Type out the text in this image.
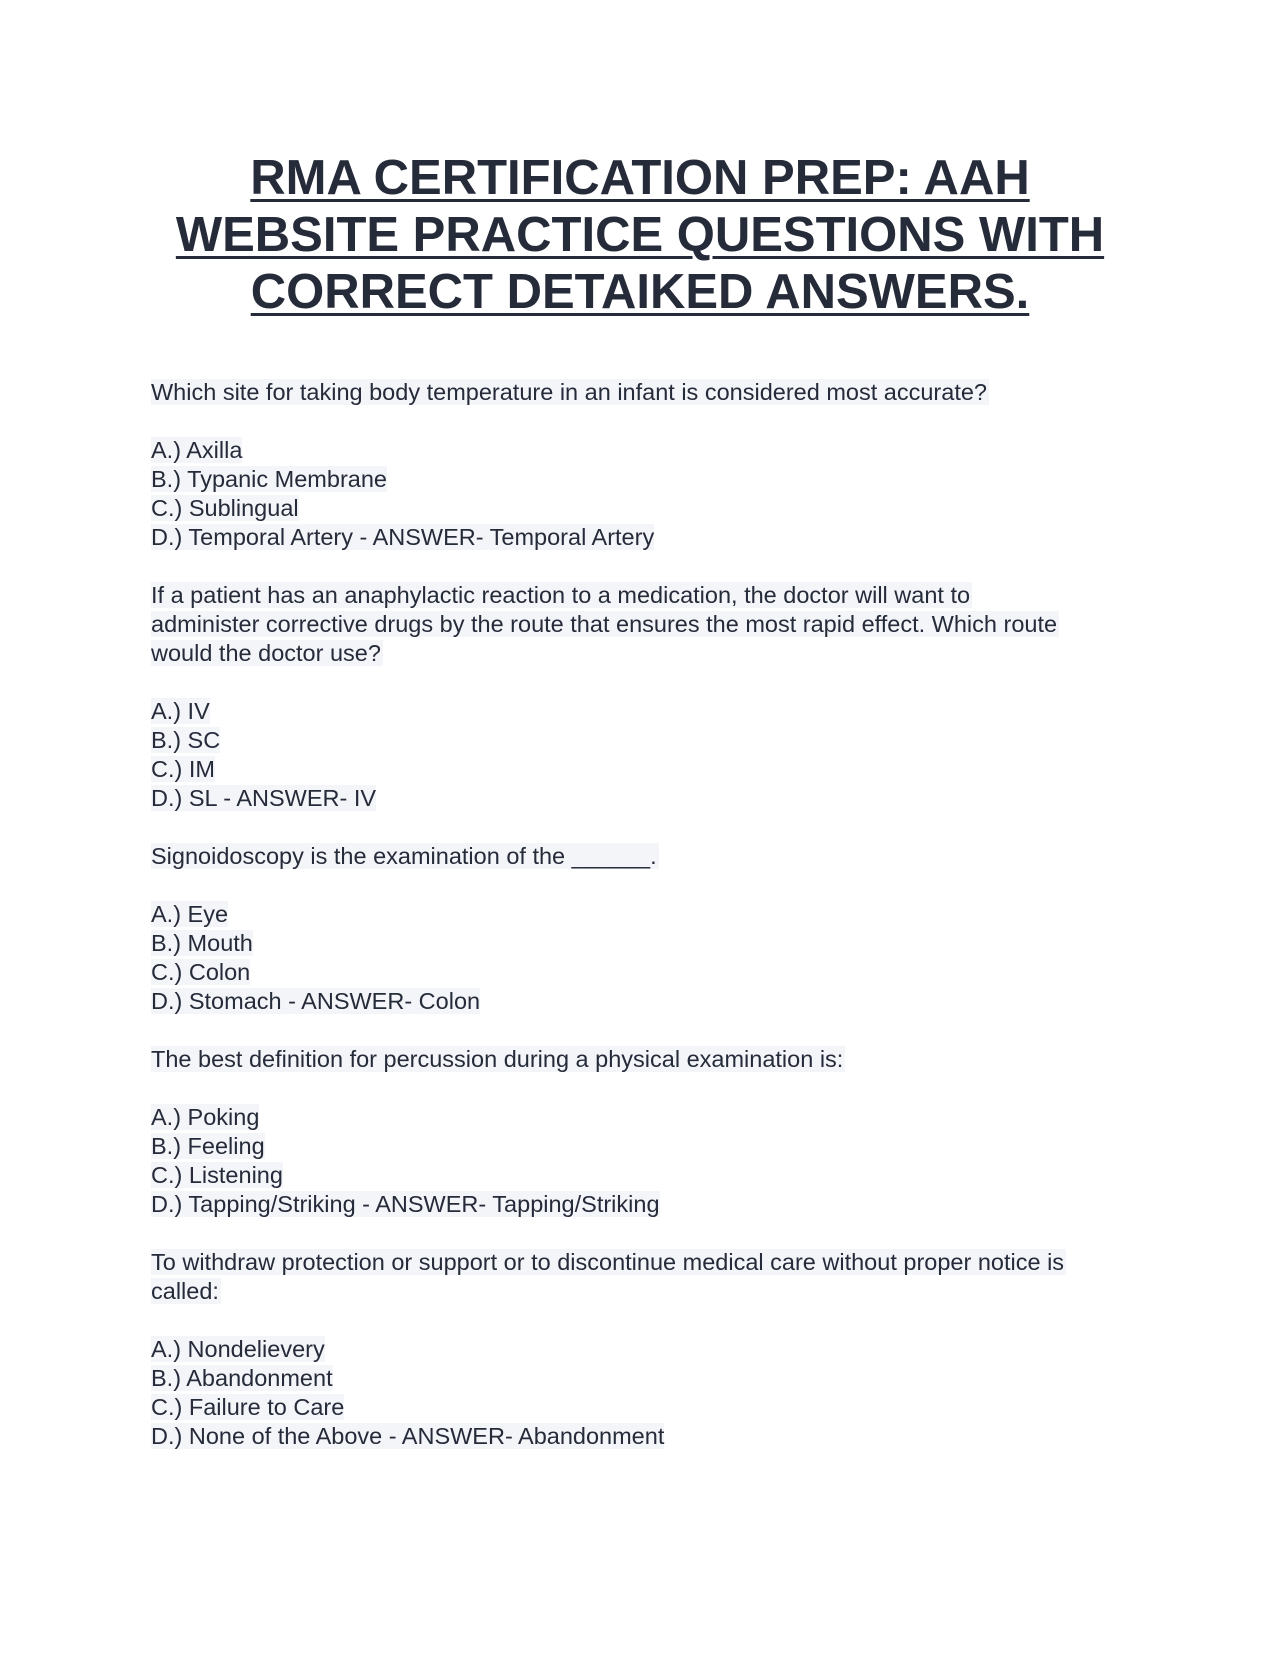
RMA CERTIFICATION PREP: AAH
WEBSITE PRACTICE QUESTIONS WITH
CORRECT DETAIKED ANSWERS.
Which site for taking body temperature in an infant is considered most accurate?
A.) Axilla
B.) Typanic Membrane
C.) Sublingual
D.) Temporal Artery - ANSWER- Temporal Artery
If a patient has an anaphylactic reaction to a medication, the doctor will want to
administer corrective drugs by the route that ensures the most rapid effect. Which route
would the doctor use?
A.) IV
B.) SC
C.) IM
D.) SL - ANSWER- IV
Signoidoscopy is the examination of the ______.
A.) Eye
B.) Mouth
C.) Colon
D.) Stomach - ANSWER- Colon
The best definition for percussion during a physical examination is:
A.) Poking
B.) Feeling
C.) Listening
D.) Tapping/Striking - ANSWER- Tapping/Striking
To withdraw protection or support or to discontinue medical care without proper notice is
called:
A.) Nondelievery
B.) Abandonment
C.) Failure to Care
D.) None of the Above - ANSWER- Abandonment
